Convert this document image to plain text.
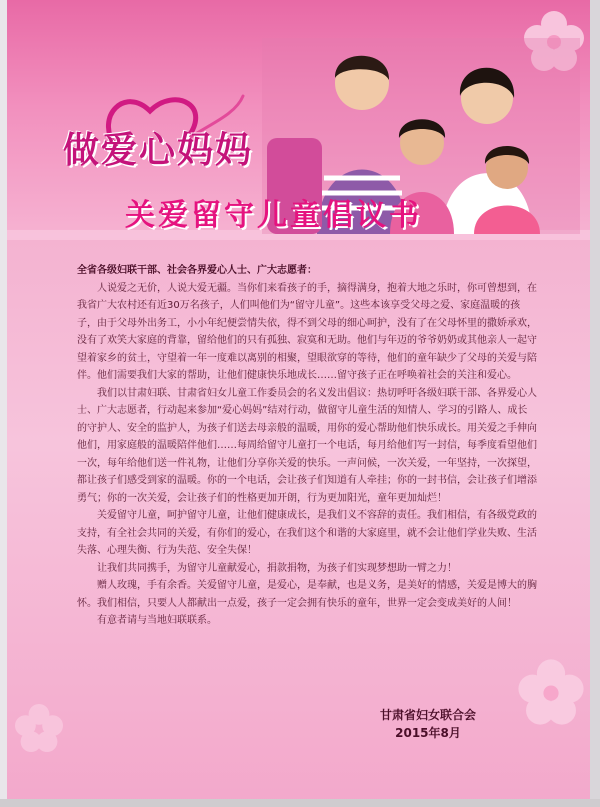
做爱心妈妈
关爱留守儿童倡议书

全省各级妇联干部、社会各界爱心人士、广大志愿者：

人说爱之无价，人说大爱无疆。当你们来看孩子的手，摘得满身，抱着大地之乐时，你可曾想到，在我省广大农村还有近30万名孩子，人们叫他们为“留守儿童”。这些本该享受父母之爱、家庭温暖的孩子，由于父母外出务工，小小年纪便尝情失依，得不到父母的细心呵护，没有了在父母怀里的撒娇承欢，没有了欢笑大家庭的背靠，留给他们的只有孤独、寂寞和无助。他们与年迈的爷爷奶奶或其他亲人一起守望着家乡的贫土，守望着一年一度难以离别的相聚，望眼欲穿的等待，他们的童年缺少了父母的关爱与陪伴。他们需要我们大家的帮助，让他们健康快乐地成长……留守孩子正在呼唤着社会的关注和爱心。

我们以甘肃妇联、甘肃省妇女儿童工作委员会的名义发出倡议：热切呼吁各级妇联干部、各界爱心人士、广大志愿者，行动起来参加“爱心妈妈”结对行动，做留守儿童生活的知情人、学习的引路人、成长的守护人、安全的监护人，为孩子们送去母亲般的温暖，用你的爱心帮助他们快乐成长。用关爱之手伸向他们，用家庭般的温暖陪伴他们……每周给留守儿童打一个电话，每月给他们写一封信，每季度看望他们一次，每年给他们送一件礼物，让他们分享你关爱的快乐。一声问候，一次关爱，一年坚持，一次探望，都让孩子们感受到家的温暖。你的一个电话，会让孩子们知道有人牵挂；你的一封书信，会让孩子们增添勇气；你的一次关爱，会让孩子们的性格更加开朗，行为更加阳光，童年更加灿烂！

关爱留守儿童，呵护留守儿童，让他们健康成长，是我们义不容辞的责任。我们相信，有各级党政的支持，有全社会共同的关爱，有你们的爱心，在我们这个和谐的大家庭里，就不会让他们学业失败、生活失落、心理失衡、行为失范、安全失保！

让我们共同携手，为留守儿童献爱心，捐款捐物，为孩子们实现梦想助一臂之力！

赠人玫瑰，手有余香。关爱留守儿童，是爱心，是奉献，也是义务，是美好的情感，关爱是博大的胸怀。我们相信，只要人人都献出一点爱，孩子一定会拥有快乐的童年，世界一定会变成美好的人间！

有意者请与当地妇联联系。

甘肃省妇女联合会
2015年8月
